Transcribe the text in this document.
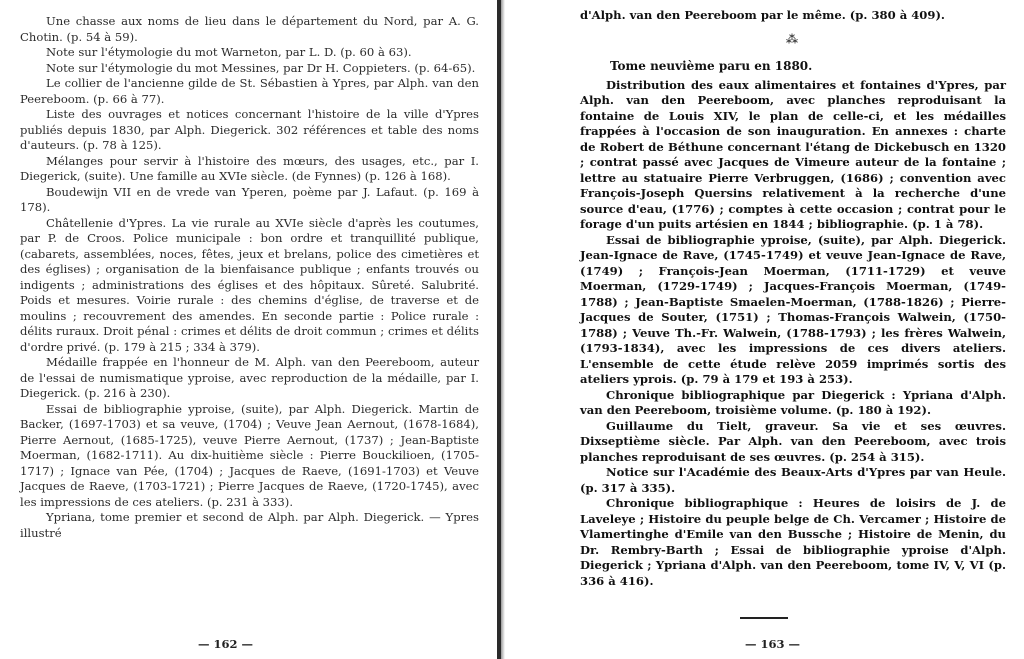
Une chasse aux noms de lieu dans le département du Nord, par A. G. Chotin. (p. 54 à 59).

Note sur l'étymologie du mot Warneton, par L. D. (p. 60 à 63).

Note sur l'étymologie du mot Messines, par Dr H. Coppieters. (p. 64-65).

Le collier de l'ancienne gilde de St. Sébastien à Ypres, par Alph. van den Peereboom. (p. 66 à 77).

Liste des ouvrages et notices concernant l'histoire de la ville d'Ypres publiés depuis 1830, par Alph. Diegerick. 302 références et table des noms d'auteurs. (p. 78 à 125).

Mélanges pour servir à l'histoire des mœurs, des usages, etc., par I. Diegerick, (suite). Une famille au XVIe siècle. (de Fynnes) (p. 126 à 168).

Boudewijn VII en de vrede van Yperen, poème par J. Lafaut. (p. 169 à 178).

Châtellenie d'Ypres. La vie rurale au XVIe siècle d'après les coutumes, par P. de Croos. Police municipale : bon ordre et tranquillité publique, (cabarets, assemblées, noces, fêtes, jeux et brelans, police des cimetières et des églises) ; organisation de la bienfaisance publique ; enfants trouvés ou indigents ; administrations des églises et des hôpitaux. Sûreté. Salubrité. Poids et mesures. Voirie rurale : des chemins d'église, de traverse et de moulins ; recouvrement des amendes. En seconde partie : Police rurale : délits ruraux. Droit pénal : crimes et délits de droit commun ; crimes et délits d'ordre privé. (p. 179 à 215 ; 334 à 379).

Médaille frappée en l'honneur de M. Alph. van den Peereboom, auteur de l'essai de numismatique yproise, avec reproduction de la médaille, par I. Diegerick. (p. 216 à 230).

Essai de bibliographie yproise, (suite), par Alph. Diegerick. Martin de Backer, (1697-1703) et sa veuve, (1704) ; Veuve Jean Aernout, (1678-1684), Pierre Aernout, (1685-1725), veuve Pierre Aernout, (1737) ; Jean-Baptiste Moerman, (1682-1711). Au dix-huitième siècle : Pierre Bouckilioen, (1705-1717) ; Ignace van Pée, (1704) ; Jacques de Raeve, (1691-1703) et Veuve Jacques de Raeve, (1703-1721) ; Pierre Jacques de Raeve, (1720-1745), avec les impressions de ces ateliers. (p. 231 à 333).

Ypriana, tome premier et second de Alph. par Alph. Diegerick. — Ypres illustré

— 162 —

d'Alph. van den Peereboom par le même. (p. 380 à 409).

⁂
Tome neuvième paru en 1880.

Distribution des eaux alimentaires et fontaines d'Ypres, par Alph. van den Peereboom, avec planches reproduisant la fontaine de Louis XIV, le plan de celle-ci, et les médailles frappées à l'occasion de son inauguration. En annexes : charte de Robert de Béthune concernant l'étang de Dickebusch en 1320 ; contrat passé avec Jacques de Vimeure auteur de la fontaine ; lettre au statuaire Pierre Verbruggen, (1686) ; convention avec François-Joseph Quersins relativement à la recherche d'une source d'eau, (1776) ; comptes à cette occasion ; contrat pour le forage d'un puits artésien en 1844 ; bibliographie. (p. 1 à 78).

Essai de bibliographie yproise, (suite), par Alph. Diegerick. Jean-Ignace de Rave, (1745-1749) et veuve Jean-Ignace de Rave, (1749) ; François-Jean Moerman, (1711-1729) et veuve Moerman, (1729-1749) ; Jacques-François Moerman, (1749-1788) ; Jean-Baptiste Smaelen-Moerman, (1788-1826) ; Pierre-Jacques de Souter, (1751) ; Thomas-François Walwein, (1750-1788) ; Veuve Th.-Fr. Walwein, (1788-1793) ; les frères Walwein, (1793-1834), avec les impressions de ces divers ateliers. L'ensemble de cette étude relève 2059 imprimés sortis des ateliers yprois. (p. 79 à 179 et 193 à 253).

Chronique bibliographique par Diegerick : Ypriana d'Alph. van den Peereboom, troisième volume. (p. 180 à 192).

Guillaume du Tielt, graveur. Sa vie et ses œuvres. Dixseptième siècle. Par Alph. van den Peereboom, avec trois planches reproduisant de ses œuvres. (p. 254 à 315).

Notice sur l'Académie des Beaux-Arts d'Ypres par van Heule. (p. 317 à 335).

Chronique bibliographique : Heures de loisirs de J. de Laveleye ; Histoire du peuple belge de Ch. Vercamer ; Histoire de Vlamertinghe d'Emile van den Bussche ; Histoire de Menin, du Dr. Rembry-Barth ; Essai de bibliographie yproise d'Alph. Diegerick ; Ypriana d'Alph. van den Peereboom, tome IV, V, VI (p. 336 à 416).

— 163 —
